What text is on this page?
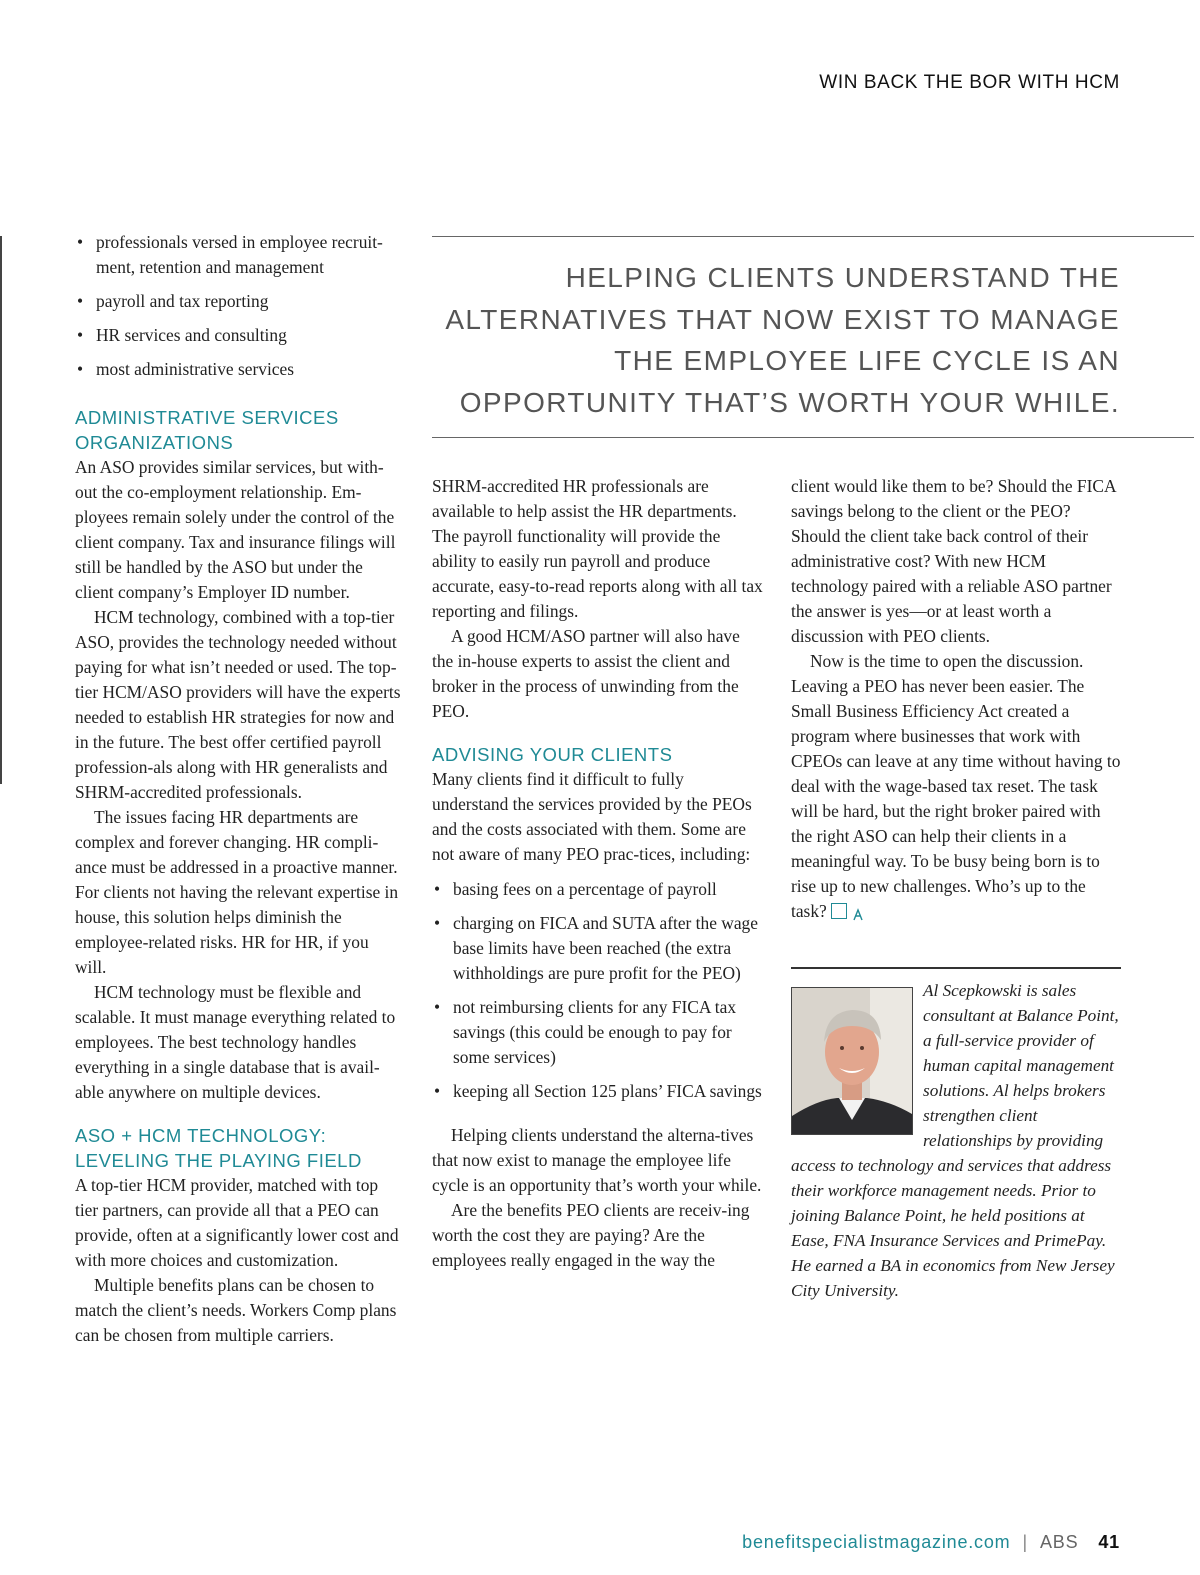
WIN BACK THE BOR WITH HCM
• professionals versed in employee recruit-ment, retention and management
• payroll and tax reporting
• HR services and consulting
• most administrative services
ADMINISTRATIVE SERVICES ORGANIZATIONS

An ASO provides similar services, but with-out the co-employment relationship. Em-ployees remain solely under the control of the client company. Tax and insurance filings will still be handled by the ASO but under the client company’s Employer ID number.

HCM technology, combined with a top-tier ASO, provides the technology needed without paying for what isn’t needed or used. The top-tier HCM/ASO providers will have the experts needed to establish HR strategies for now and in the future. The best offer certified payroll profession-als along with HR generalists and SHRM-accredited professionals.

The issues facing HR departments are complex and forever changing. HR compli-ance must be addressed in a proactive manner. For clients not having the relevant expertise in house, this solution helps diminish the employee-related risks. HR for HR, if you will.

HCM technology must be flexible and scalable. It must manage everything related to employees. The best technology handles everything in a single database that is avail-able anywhere on multiple devices.

ASO + HCM TECHNOLOGY: LEVELING THE PLAYING FIELD

A top-tier HCM provider, matched with top tier partners, can provide all that a PEO can provide, often at a significantly lower cost and with more choices and customization.

Multiple benefits plans can be chosen to match the client’s needs. Workers Comp plans can be chosen from multiple carriers.

HELPING CLIENTS UNDERSTAND THE ALTERNATIVES THAT NOW EXIST TO MANAGE THE EMPLOYEE LIFE CYCLE IS AN OPPORTUNITY THAT’S WORTH YOUR WHILE.

SHRM-accredited HR professionals are available to help assist the HR departments. The payroll functionality will provide the ability to easily run payroll and produce accurate, easy-to-read reports along with all tax reporting and filings.

A good HCM/ASO partner will also have the in-house experts to assist the client and broker in the process of unwinding from the PEO.

ADVISING YOUR CLIENTS

Many clients find it difficult to fully understand the services provided by the PEOs and the costs associated with them. Some are not aware of many PEO prac-tices, including:

• basing fees on a percentage of payroll
• charging on FICA and SUTA after the wage base limits have been reached (the extra withholdings are pure profit for the PEO)
• not reimbursing clients for any FICA tax savings (this could be enough to pay for some services)
• keeping all Section 125 plans’ FICA savings

Helping clients understand the alterna-tives that now exist to manage the employee life cycle is an opportunity that’s worth your while.

Are the benefits PEO clients are receiv-ing worth the cost they are paying? Are the employees really engaged in the way the

client would like them to be? Should the FICA savings belong to the client or the PEO? Should the client take back control of their administrative cost? With new HCM technology paired with a reliable ASO partner the answer is yes—or at least worth a discussion with PEO clients.

Now is the time to open the discussion. Leaving a PEO has never been easier. The Small Business Efficiency Act created a program where businesses that work with CPEOs can leave at any time without having to deal with the wage-based tax reset. The task will be hard, but the right broker paired with the right ASO can help their clients in a meaningful way. To be busy being born is to rise up to new challenges. Who’s up to the task?

Al Scepkowski is sales consultant at Balance Point, a full-service provider of human capital management solutions. Al helps brokers strengthen client relationships by providing access to technology and services that address their workforce management needs. Prior to joining Balance Point, he held positions at Ease, FNA Insurance Services and PrimePay. He earned a BA in economics from New Jersey City University.

benefitspecialistmagazine.com | ABS 41
